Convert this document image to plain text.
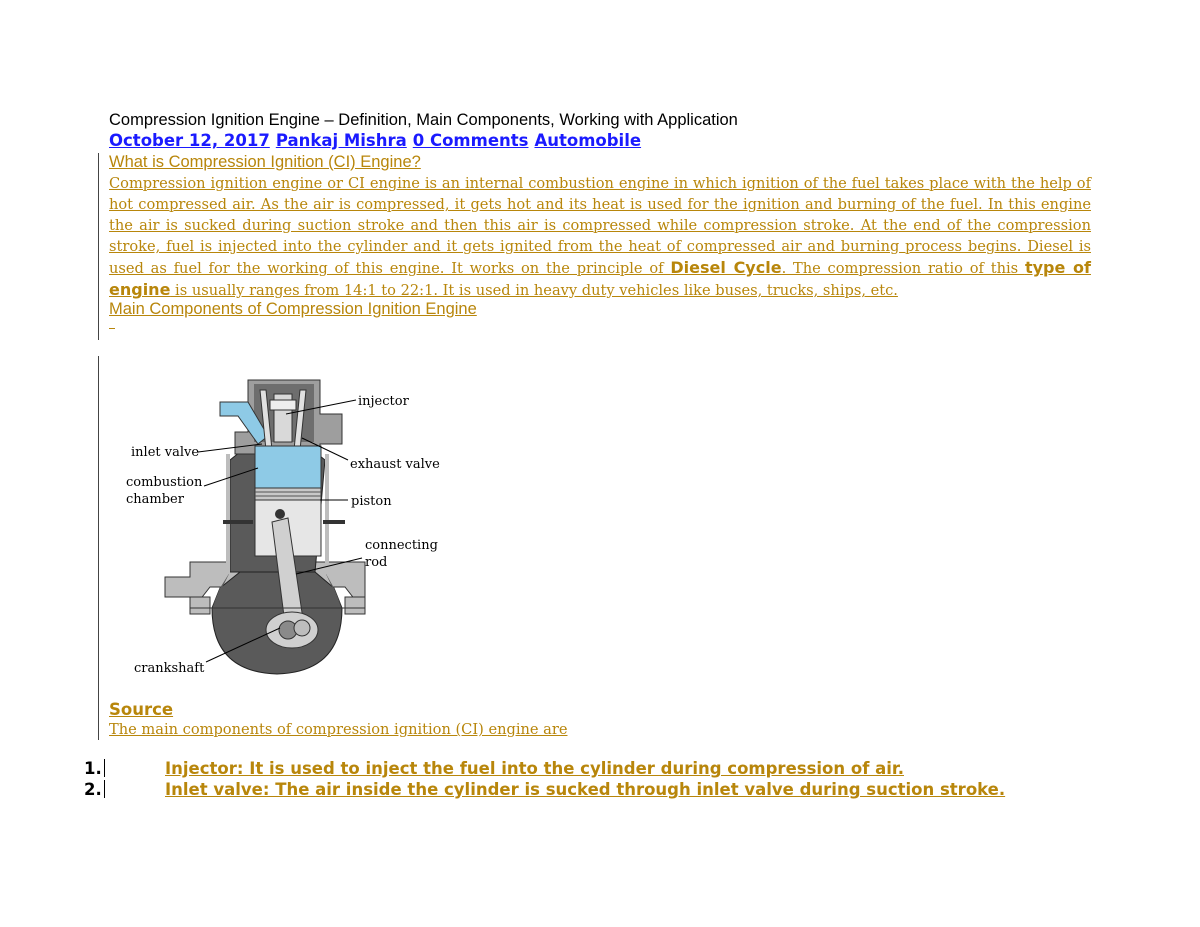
Compression Ignition Engine – Definition, Main Components, Working with Application
October 12, 2017 Pankaj Mishra 0 Comments Automobile
What is Compression Ignition (CI) Engine?
Compression ignition engine or CI engine is an internal combustion engine in which ignition of the fuel takes place with the help of hot compressed air. As the air is compressed, it gets hot and its heat is used for the ignition and burning of the fuel. In this engine the air is sucked during suction stroke and then this air is compressed while compression stroke. At the end of the compression stroke, fuel is injected into the cylinder and it gets ignited from the heat of compressed air and burning process begins. Diesel is used as fuel for the working of this engine. It works on the principle of Diesel Cycle. The compression ratio of this type of engine is usually ranges from 14:1 to 22:1. It is used in heavy duty vehicles like buses, trucks, ships, etc.
Main Components of Compression Ignition Engine
injector
inlet valve
exhaust valve
combustion
chamber	piston
connecting
rod
crankshaft
Source
The main components of compression ignition (CI) engine are
1.	Injector: It is used to inject the fuel into the cylinder during compression of air.
2.	Inlet valve: The air inside the cylinder is sucked through inlet valve during suction stroke.
